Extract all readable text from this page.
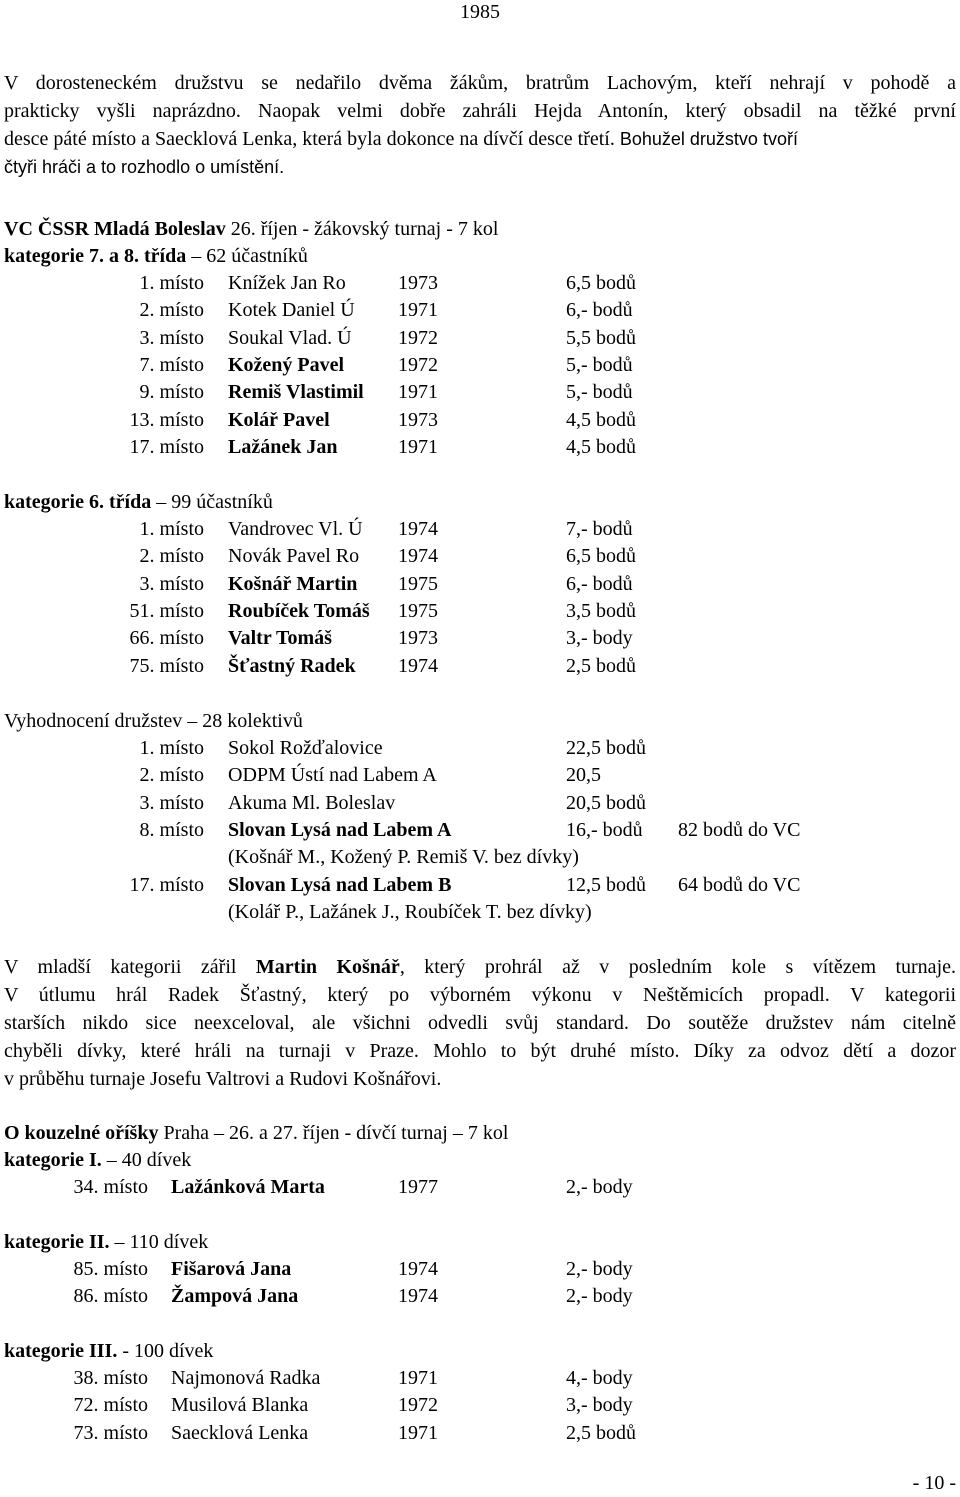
1985
V dorosteneckém družstvu se nedařilo dvěma žákům, bratrům Lachovým, kteří nehrají v pohodě a
prakticky vyšli naprázdno. Naopak velmi dobře zahráli Hejda Antonín, který obsadil na těžké první
desce páté místo a Saecklová Lenka, která byla dokonce na dívčí desce třetí. Bohužel družstvo tvoří
čtyři hráči a to rozhodlo o umístění.
VC ČSSR Mladá Boleslav 26. říjen - žákovský turnaj - 7 kol
kategorie 7. a 8. třída – 62 účastníků
1. místo Knížek Jan Ro	1973	6,5 bodů
2. místo Kotek Daniel Ú 1971	6,- bodů
3. místo Soukal Vlad. Ú 1972	5,5 bodů
7. místo Kožený Pavel	1972	5,- bodů
9. místo Remiš Vlastimil 1971	5,- bodů
13. místo Kolář Pavel	1973	4,5 bodů
17. místo Lažánek Jan	1971	4,5 bodů
kategorie 6. třída – 99 účastníků
1. místo Vandrovec Vl. Ú 1974	7,- bodů
2. místo Novák Pavel Ro 1974	6,5 bodů
3. místo Košnář Martin 1975	6,- bodů
51. místo Roubíček Tomáš 1975	3,5 bodů
66. místo Valtr Tomáš	1973	3,- body
75. místo Šťastný Radek 1974	2,5 bodů
Vyhodnocení družstev – 28 kolektivů
1. místo Sokol Rožďalovice	22,5 bodů
2. místo ODPM Ústí nad Labem A	20,5
3. místo Akuma Ml. Boleslav	20,5 bodů
8. místo Slovan Lysá nad Labem A	16,- bodů 82 bodů do VC
(Košnář M., Kožený P. Remiš V. bez dívky)
17. místo Slovan Lysá nad Labem B	12,5 bodů 64 bodů do VC
(Kolář P., Lažánek J., Roubíček T. bez dívky)
V mladší kategorii zářil Martin Košnář, který prohrál až v posledním kole s vítězem turnaje.
V útlumu hrál Radek Šťastný, který po výborném výkonu v Neštěmicích propadl. V kategorii
starších nikdo sice neexceloval, ale všichni odvedli svůj standard. Do soutěže družstev nám citelně
chyběli dívky, které hráli na turnaji v Praze. Mohlo to být druhé místo. Díky za odvoz dětí a dozor
v průběhu turnaje Josefu Valtrovi a Rudovi Košnářovi.
O kouzelné oříšky Praha – 26. a 27. říjen - dívčí turnaj – 7 kol
kategorie I. – 40 dívek
34. místo Lažánková Marta	1977	2,- body
kategorie II. – 110 dívek
85. místo Fišarová Jana	1974	2,- body
86. místo Žampová Jana	1974	2,- body
kategorie III. - 100 dívek
38. místo Najmonová Radka	1971	4,- body
72. místo Musilová Blanka	1972	3,- body
73. místo Saecklová Lenka	1971	2,5 bodů
- 10 -
